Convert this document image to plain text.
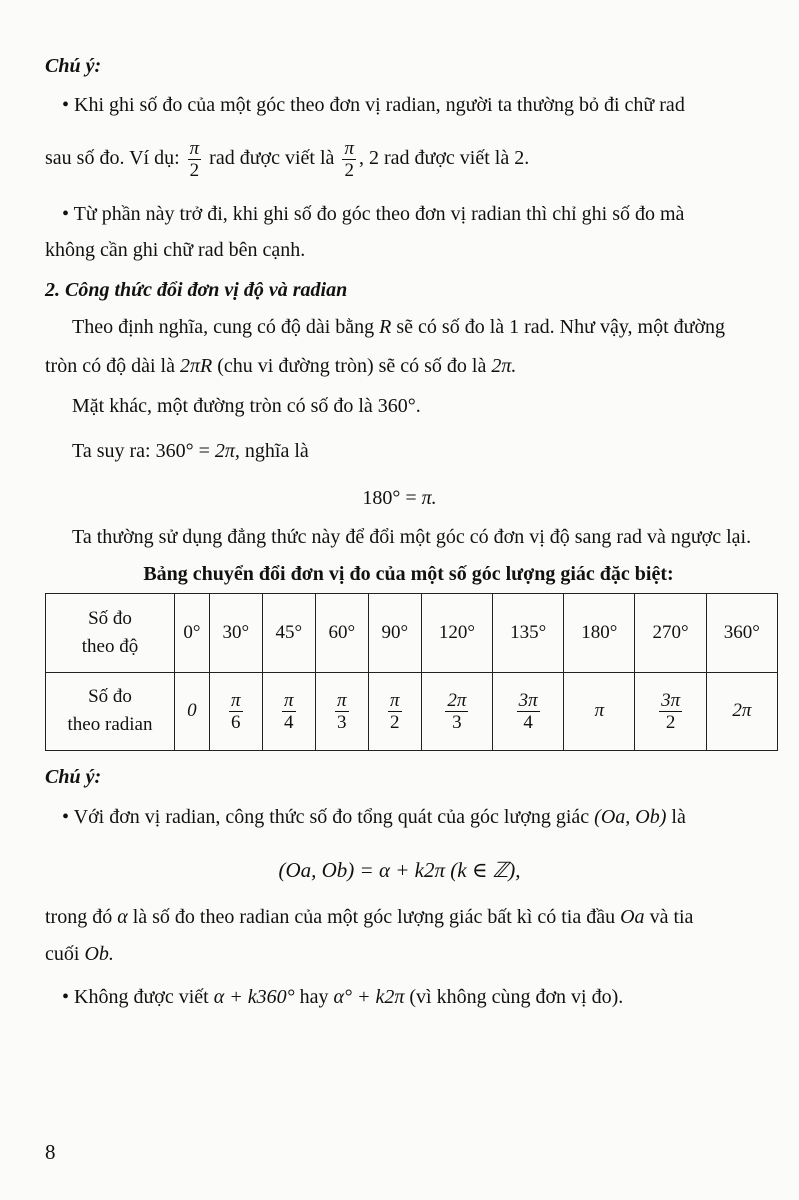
Chú ý:
• Khi ghi số đo của một góc theo đơn vị radian, người ta thường bỏ đi chữ rad
sau số đo. Ví dụ: $\frac{\pi}{2}$ rad được viết là $\frac{\pi}{2}$ , 2 rad được viết là 2.
• Từ phần này trở đi, khi ghi số đo góc theo đơn vị radian thì chỉ ghi số đo mà
không cần ghi chữ rad bên cạnh.
2. Công thức đổi đơn vị độ và radian
Theo định nghĩa, cung có độ dài bằng R sẽ có số đo là 1 rad. Như vậy, một đường
tròn có độ dài là 2πR (chu vi đường tròn) sẽ có số đo là 2π.
Mặt khác, một đường tròn có số đo là 360°.
Ta suy ra: 360° = 2π, nghĩa là
180° = π.
Ta thường sử dụng đẳng thức này để đổi một góc có đơn vị độ sang rad và ngược lại.
Bảng chuyển đổi đơn vị đo của một số góc lượng giác đặc biệt:
Số đo
theo độ	0°	30°	45°	60°	90°	120°	135°	180°	270°	360°
Số đo
theo radian	0	$\frac{\pi}{6}$	$\frac{\pi}{4}$	$\frac{\pi}{3}$	$\frac{\pi}{2}$	$\frac{2\pi}{3}$	$\frac{3\pi}{4}$	π	$\frac{3\pi}{2}$	2π
Chú ý:
• Với đơn vị radian, công thức số đo tổng quát của góc lượng giác (Oa, Ob) là
(Oa, Ob) = α + k2π (k ∈ ℤ),
trong đó α là số đo theo radian của một góc lượng giác bất kì có tia đầu Oa và tia
cuối Ob.
• Không được viết α + k360° hay α° + k2π (vì không cùng đơn vị đo).
8
